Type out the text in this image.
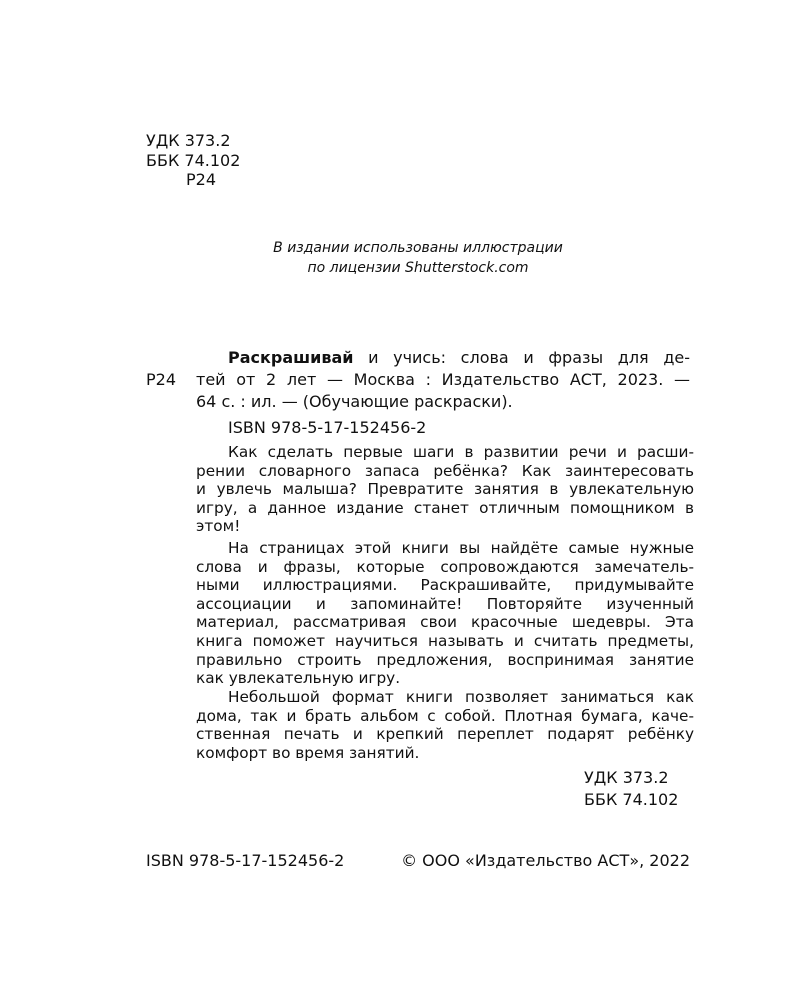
УДК 373.2
ББК 74.102
Р24
В издании использованы иллюстрации
по лицензии Shutterstock.com
Р24
Раскрашивай и учись: слова и фразы для де-
тей от 2 лет — Москва : Издательство АСТ, 2023. —
64 с. : ил. — (Обучающие раскраски).
ISBN 978-5-17-152456-2
Как сделать первые шаги в развитии речи и расши-
рении словарного запаса ребёнка? Как заинтересовать
и увлечь малыша? Превратите занятия в увлекательную
игру, а данное издание станет отличным помощником в
этом!
На страницах этой книги вы найдёте самые нужные
слова и фразы, которые сопровождаются замечатель-
ными иллюстрациями. Раскрашивайте, придумывайте
ассоциации и запоминайте! Повторяйте изученный
материал, рассматривая свои красочные шедевры. Эта
книга поможет научиться называть и считать предметы,
правильно строить предложения, воспринимая занятие
как увлекательную игру.
Небольшой формат книги позволяет заниматься как
дома, так и брать альбом с собой. Плотная бумага, каче-
ственная печать и крепкий переплет подарят ребёнку
комфорт во время занятий.
УДК 373.2
ББК 74.102
ISBN 978-5-17-152456-2	© ООО «Издательство АСТ», 2022
